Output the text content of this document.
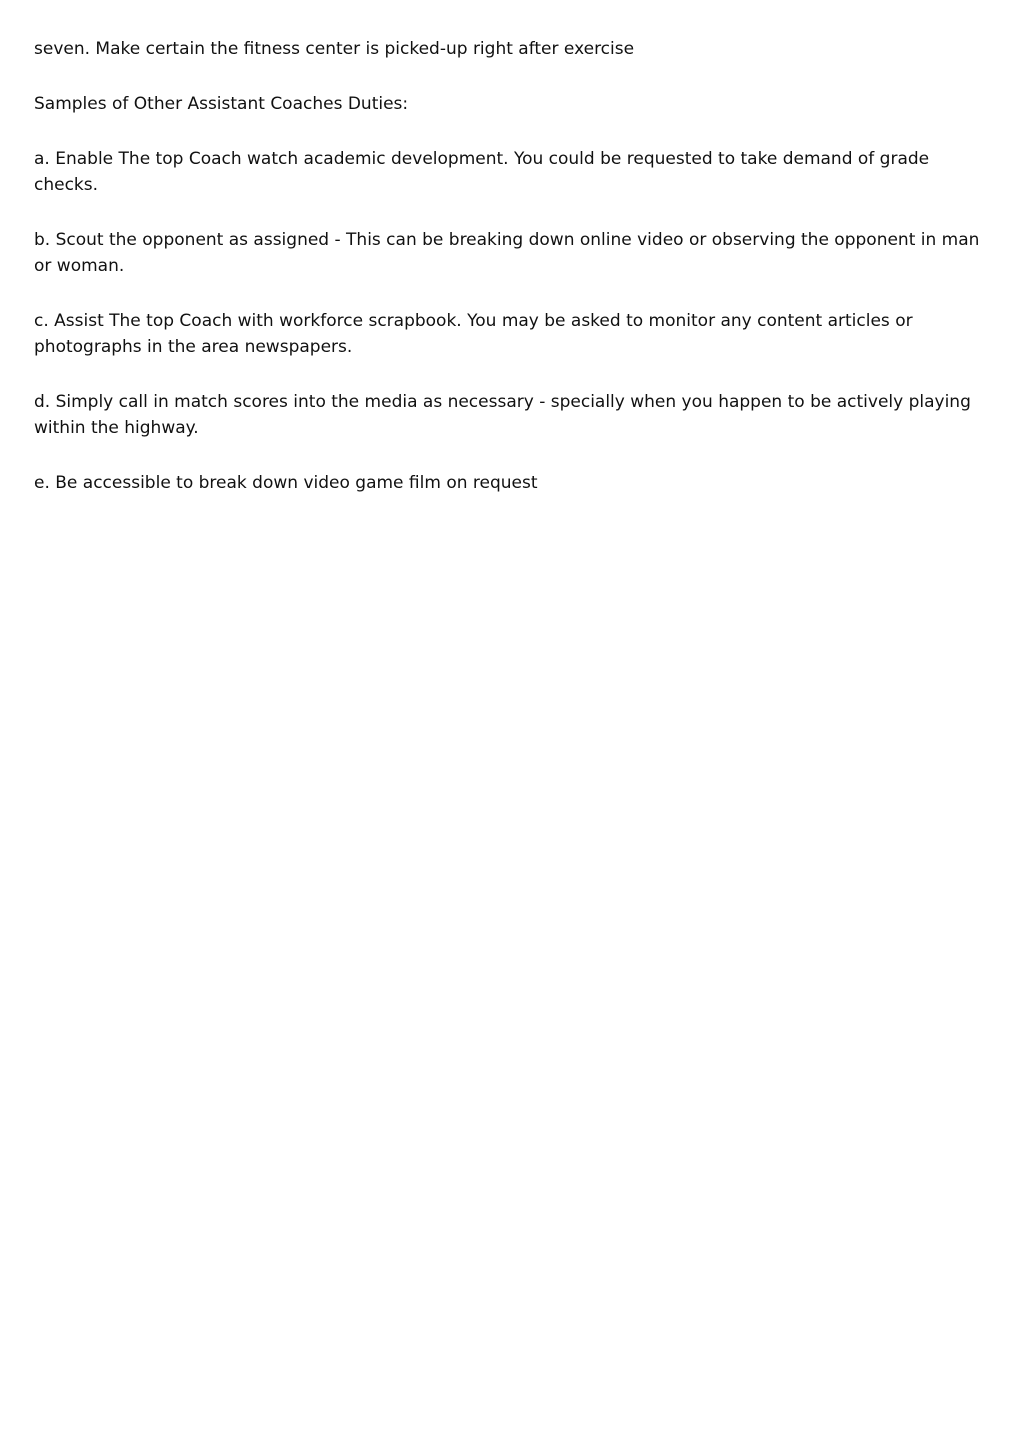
seven. Make certain the fitness center is picked-up right after exercise

Samples of Other Assistant Coaches Duties:

a. Enable The top Coach watch academic development. You could be requested to take demand of grade checks.

b. Scout the opponent as assigned - This can be breaking down online video or observing the opponent in man or woman.

c. Assist The top Coach with workforce scrapbook. You may be asked to monitor any content articles or photographs in the area newspapers.

d. Simply call in match scores into the media as necessary - specially when you happen to be actively playing within the highway.

e. Be accessible to break down video game film on request
